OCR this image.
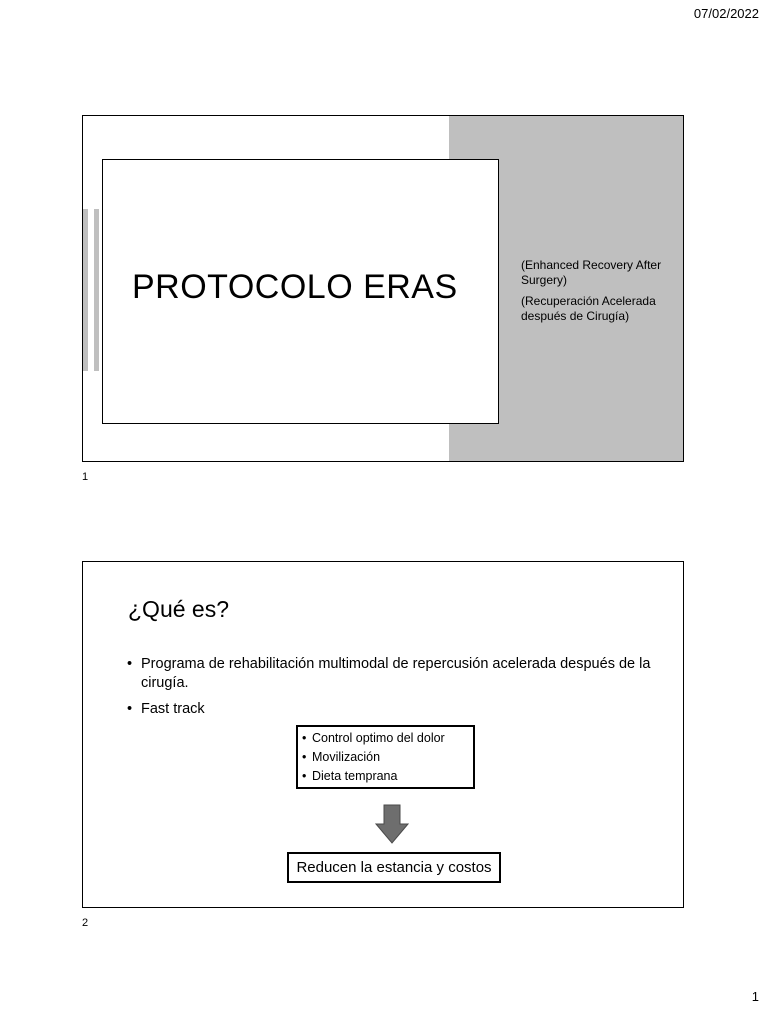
07/02/2022
PROTOCOLO ERAS

(Enhanced Recovery After Surgery)

(Recuperación Acelerada después de Cirugía)

1
¿Qué es?
• Programa de rehabilitación multimodal de repercusión acelerada después de la cirugía.
• Fast track
• Control optimo del dolor
• Movilización
• Dieta temprana
Reducen la estancia y costos
2
1
